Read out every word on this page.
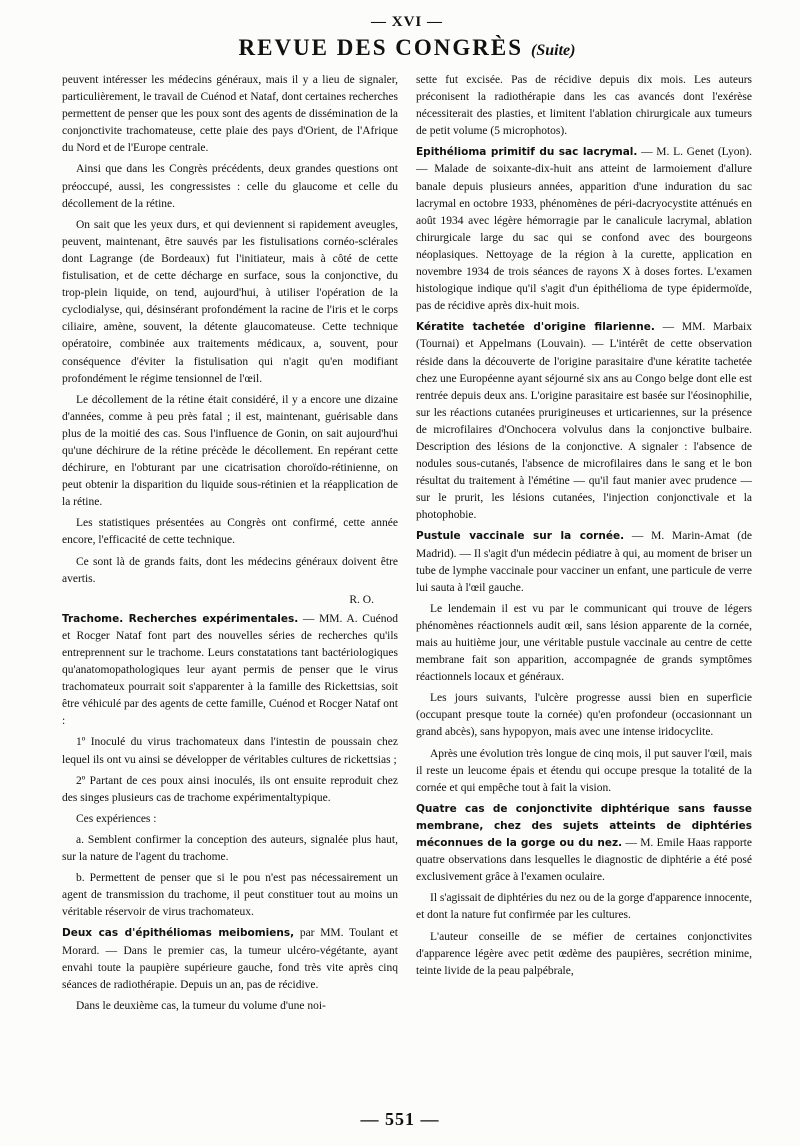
— XVI —
REVUE DES CONGRÈS (Suite)

peuvent intéresser les médecins généraux, mais il y a lieu de signaler, particulièrement, le travail de Cuénod et Nataf, dont certaines recherches permettent de penser que les poux sont des agents de dissémination de la conjonctivite trachomateuse, cette plaie des pays d'Orient, de l'Afrique du Nord et de l'Europe centrale.

Ainsi que dans les Congrès précédents, deux grandes questions ont préoccupé, aussi, les congressistes : celle du glaucome et celle du décollement de la rétine.

On sait que les yeux durs, et qui deviennent si rapidement aveugles, peuvent, maintenant, être sauvés par les fistulisations cornéo-sclérales dont Lagrange (de Bordeaux) fut l'initiateur, mais à côté de cette fistulisation, et de cette décharge en surface, sous la conjonctive, du trop-plein liquide, on tend, aujourd'hui, à utiliser l'opération de la cyclodialyse, qui, désinsérant profondément la racine de l'iris et le corps ciliaire, amène, souvent, la détente glaucomateuse. Cette technique opératoire, combinée aux traitements médicaux, a, souvent, pour conséquence d'éviter la fistulisation qui n'agit qu'en modifiant profondément le régime tensionnel de l'œil.

Le décollement de la rétine était considéré, il y a encore une dizaine d'années, comme à peu près fatal ; il est, maintenant, guérisable dans plus de la moitié des cas. Sous l'influence de Gonin, on sait aujourd'hui qu'une déchirure de la rétine précède le décollement. En repérant cette déchirure, en l'obturant par une cicatrisation choroïdo-rétinienne, on peut obtenir la disparition du liquide sous-rétinien et la réapplication de la rétine.

Les statistiques présentées au Congrès ont confirmé, cette année encore, l'efficacité de cette technique.

Ce sont là de grands faits, dont les médecins généraux doivent être avertis.

R. O.

Trachome. Recherches expérimentales. — MM. A. Cuénod et Rocger Nataf font part des nouvelles séries de recherches qu'ils entreprennent sur le trachome. Leurs constatations tant bactériologiques qu'anatomopathologiques leur ayant permis de penser que le virus trachomateux pourrait soit s'apparenter à la famille des Rickettsias, soit être véhiculé par des agents de cette famille, Cuénod et Rocger Nataf ont :

1º Inoculé du virus trachomateux dans l'intestin de poussain chez lequel ils ont vu ainsi se développer de véritables cultures de rickettsias ;

2º Partant de ces poux ainsi inoculés, ils ont ensuite reproduit chez des singes plusieurs cas de trachome expérimentaltypique.

Ces expériences :

a. Semblent confirmer la conception des auteurs, signalée plus haut, sur la nature de l'agent du trachome.

b. Permettent de penser que si le pou n'est pas nécessairement un agent de transmission du trachome, il peut constituer tout au moins un véritable réservoir de virus trachomateux.

Deux cas d'épithéliomas meibomiens, par MM. Toulant et Morard. — Dans le premier cas, la tumeur ulcéro-végétante, ayant envahi toute la paupière supérieure gauche, fond très vite après cinq séances de radiothérapie. Depuis un an, pas de récidive.

Dans le deuxième cas, la tumeur du volume d'une noi-

sette fut excisée. Pas de récidive depuis dix mois. Les auteurs préconisent la radiothérapie dans les cas avancés dont l'exérèse nécessiterait des plasties, et limitent l'ablation chirurgicale aux tumeurs de petit volume (5 microphotos).

Epithélioma primitif du sac lacrymal. — M. L. Genet (Lyon). — Malade de soixante-dix-huit ans atteint de larmoiement d'allure banale depuis plusieurs années, apparition d'une induration du sac lacrymal en octobre 1933, phénomènes de péri-dacryocystite atténués en août 1934 avec légère hémorragie par le canalicule lacrymal, ablation chirurgicale large du sac qui se confond avec des bourgeons néoplasiques. Nettoyage de la région à la curette, application en novembre 1934 de trois séances de rayons X à doses fortes. L'examen histologique indique qu'il s'agit d'un épithélioma de type épidermoïde, pas de récidive après dix-huit mois.

Kératite tachetée d'origine filarienne. — MM. Marbaix (Tournai) et Appelmans (Louvain). — L'intérêt de cette observation réside dans la découverte de l'origine parasitaire d'une kératite tachetée chez une Européenne ayant séjourné six ans au Congo belge dont elle est rentrée depuis deux ans. L'origine parasitaire est basée sur l'éosinophilie, sur les réactions cutanées prurigineuses et urticariennes, sur la présence de microfilaires d'Onchocera volvulus dans la conjonctive bulbaire. Description des lésions de la conjonctive. A signaler : l'absence de nodules sous-cutanés, l'absence de microfilaires dans le sang et le bon résultat du traitement à l'émétine — qu'il faut manier avec prudence — sur le prurit, les lésions cutanées, l'injection conjonctivale et la photophobie.

Pustule vaccinale sur la cornée. — M. Marin-Amat (de Madrid). — Il s'agit d'un médecin pédiatre à qui, au moment de briser un tube de lymphe vaccinale pour vacciner un enfant, une particule de verre lui sauta à l'œil gauche.

Le lendemain il est vu par le communicant qui trouve de légers phénomènes réactionnels audit œil, sans lésion apparente de la cornée, mais au huitième jour, une véritable pustule vaccinale au centre de cette membrane fait son apparition, accompagnée de grands symptômes réactionnels locaux et généraux.

Les jours suivants, l'ulcère progresse aussi bien en superficie (occupant presque toute la cornée) qu'en profondeur (occasionnant un grand abcès), sans hypopyon, mais avec une intense iridocyclite.

Après une évolution très longue de cinq mois, il put sauver l'œil, mais il reste un leucome épais et étendu qui occupe presque la totalité de la cornée et qui empêche tout à fait la vision.

Quatre cas de conjonctivite diphtérique sans fausse membrane, chez des sujets atteints de diphtéries méconnues de la gorge ou du nez. — M. Emile Haas rapporte quatre observations dans lesquelles le diagnostic de diphtérie a été posé exclusivement grâce à l'examen oculaire.

Il s'agissait de diphtéries du nez ou de la gorge d'apparence innocente, et dont la nature fut confirmée par les cultures.

L'auteur conseille de se méfier de certaines conjonctivites d'apparence légère avec petit œdème des paupières, secrétion minime, teinte livide de la peau palpébrale,

— 551 —
